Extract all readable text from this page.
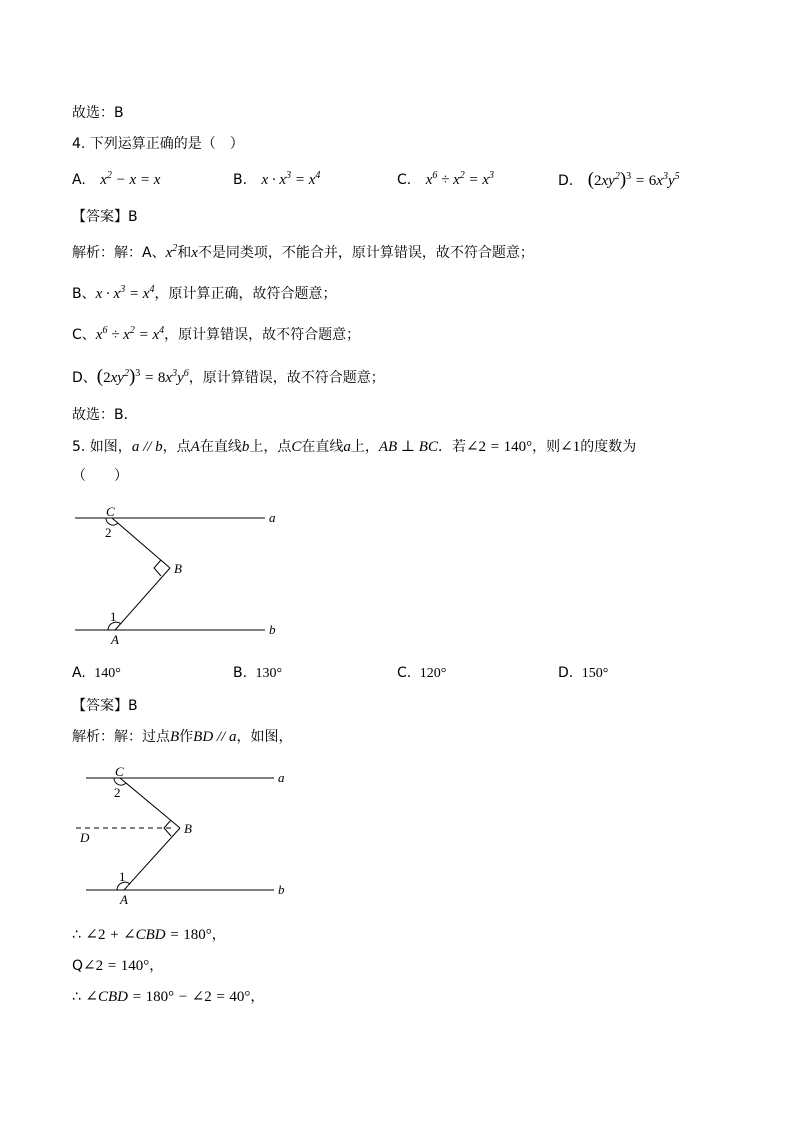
故选：B
4. 下列运算正确的是（　）
A. $x^2 - x = x$	B. $x \cdot x^3 = x^4$	C. $x^6 \div x^2 = x^3$	D. $(2xy^2)^3 = 6x^3y^5$
【答案】B
解析：解：A、$x^2$和x不是同类项，不能合并，原计算错误，故不符合题意；
B、$x \cdot x^3 = x^4$，原计算正确，故符合题意；
C、$x^6 \div x^2 = x^4$，原计算错误，故不符合题意；
D、$(2xy^2)^3 = 8x^3y^6$，原计算错误，故不符合题意；
故选：B．
5. 如图，a // b，点A在直线b上，点C在直线a上，AB ⊥ BC．若∠2 = 140°，则∠1的度数为
（　　）
C
2
B
1
A
a
b
A. 140°	B. 130°	C. 120°	D. 150°
【答案】B
解析：解：过点B作BD // a，如图，
C
2
B
D
1
A
a
b
∴ ∠2 + ∠CBD = 180°，
Q∠2 = 140°，
∴ ∠CBD = 180° − ∠2 = 40°，
